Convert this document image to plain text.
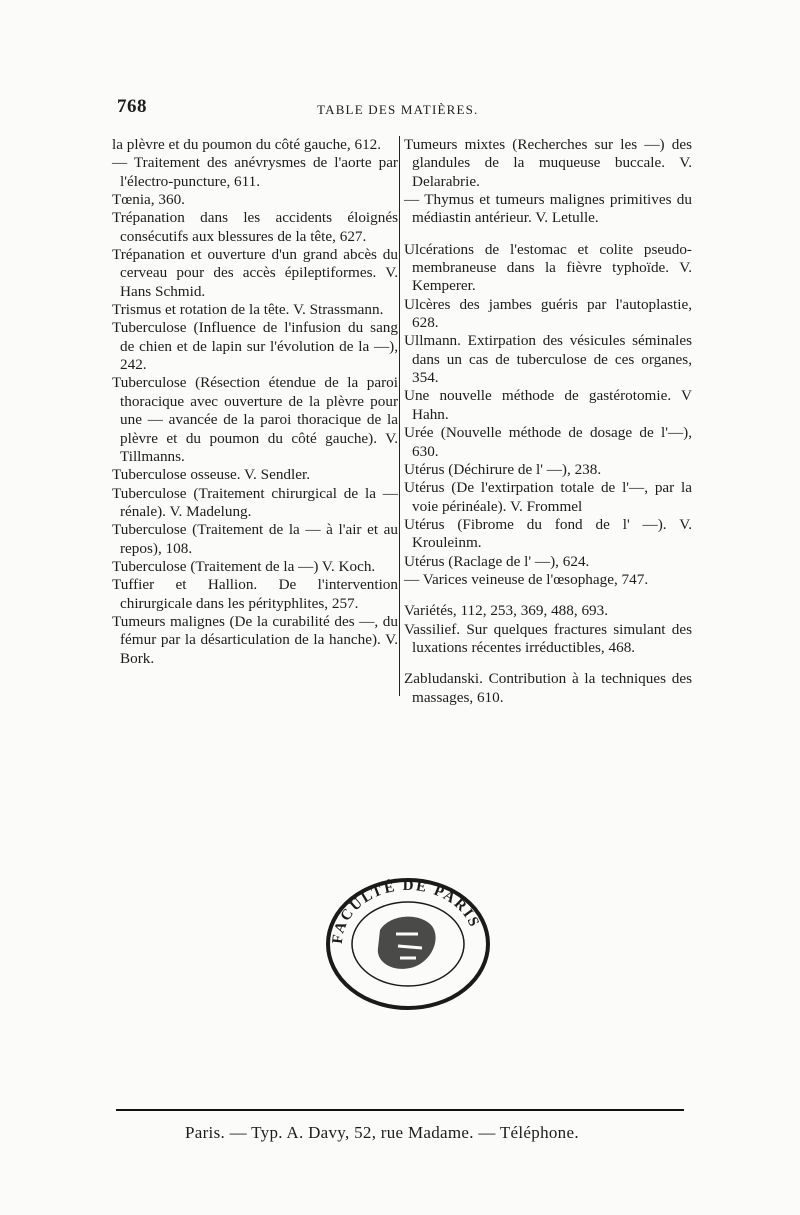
768	TABLE DES MATIÈRES.

la plèvre et du poumon du côté gauche, 612.

— Traitement des anévrysmes de l'aorte par l'électro-puncture, 611.

Tœnia, 360.

Trépanation dans les accidents éloignés consécutifs aux blessures de la tête, 627.

Trépanation et ouverture d'un grand abcès du cerveau pour des accès épileptiformes. V. Hans Schmid.

Trismus et rotation de la tête. V. Strassmann.

Tuberculose (Influence de l'infusion du sang de chien et de lapin sur l'évolution de la —), 242.

Tuberculose (Résection étendue de la paroi thoracique avec ouverture de la plèvre pour une — avancée de la paroi thoracique de la plèvre et du poumon du côté gauche). V. Tillmanns.

Tuberculose osseuse. V. Sendler.

Tuberculose (Traitement chirurgical de la — rénale). V. Madelung.

Tuberculose (Traitement de la — à l'air et au repos), 108.

Tuberculose (Traitement de la —) V. Koch.

Tuffier et Hallion. De l'intervention chirurgicale dans les pérityphlites, 257.

Tumeurs malignes (De la curabilité des —, du fémur par la désarticulation de la hanche). V. Bork.

Tumeurs mixtes (Recherches sur les —) des glandules de la muqueuse buccale. V. Delarabrie.

— Thymus et tumeurs malignes primitives du médiastin antérieur. V. Letulle.

Ulcérations de l'estomac et colite pseudo-membraneuse dans la fièvre typhoïde. V. Kemperer.

Ulcères des jambes guéris par l'autoplastie, 628.

Ullmann. Extirpation des vésicules séminales dans un cas de tuberculose de ces organes, 354.

Une nouvelle méthode de gastérotomie. V Hahn.

Urée (Nouvelle méthode de dosage de l'—), 630.

Utérus (Déchirure de l' —), 238.

Utérus (De l'extirpation totale de l'—, par la voie périnéale). V. Frommel

Utérus (Fibrome du fond de l' —). V. Krouleinm.

Utérus (Raclage de l' —), 624.

— Varices veineuse de l'œsophage, 747.

Variétés, 112, 253, 369, 488, 693.

Vassilief. Sur quelques fractures simulant des luxations récentes irréductibles, 468.

Zabludanski. Contribution à la techniques des massages, 610.

FACULTÉ DE PARIS
Paris. — Typ. A. Davy, 52, rue Madame. — Téléphone.
